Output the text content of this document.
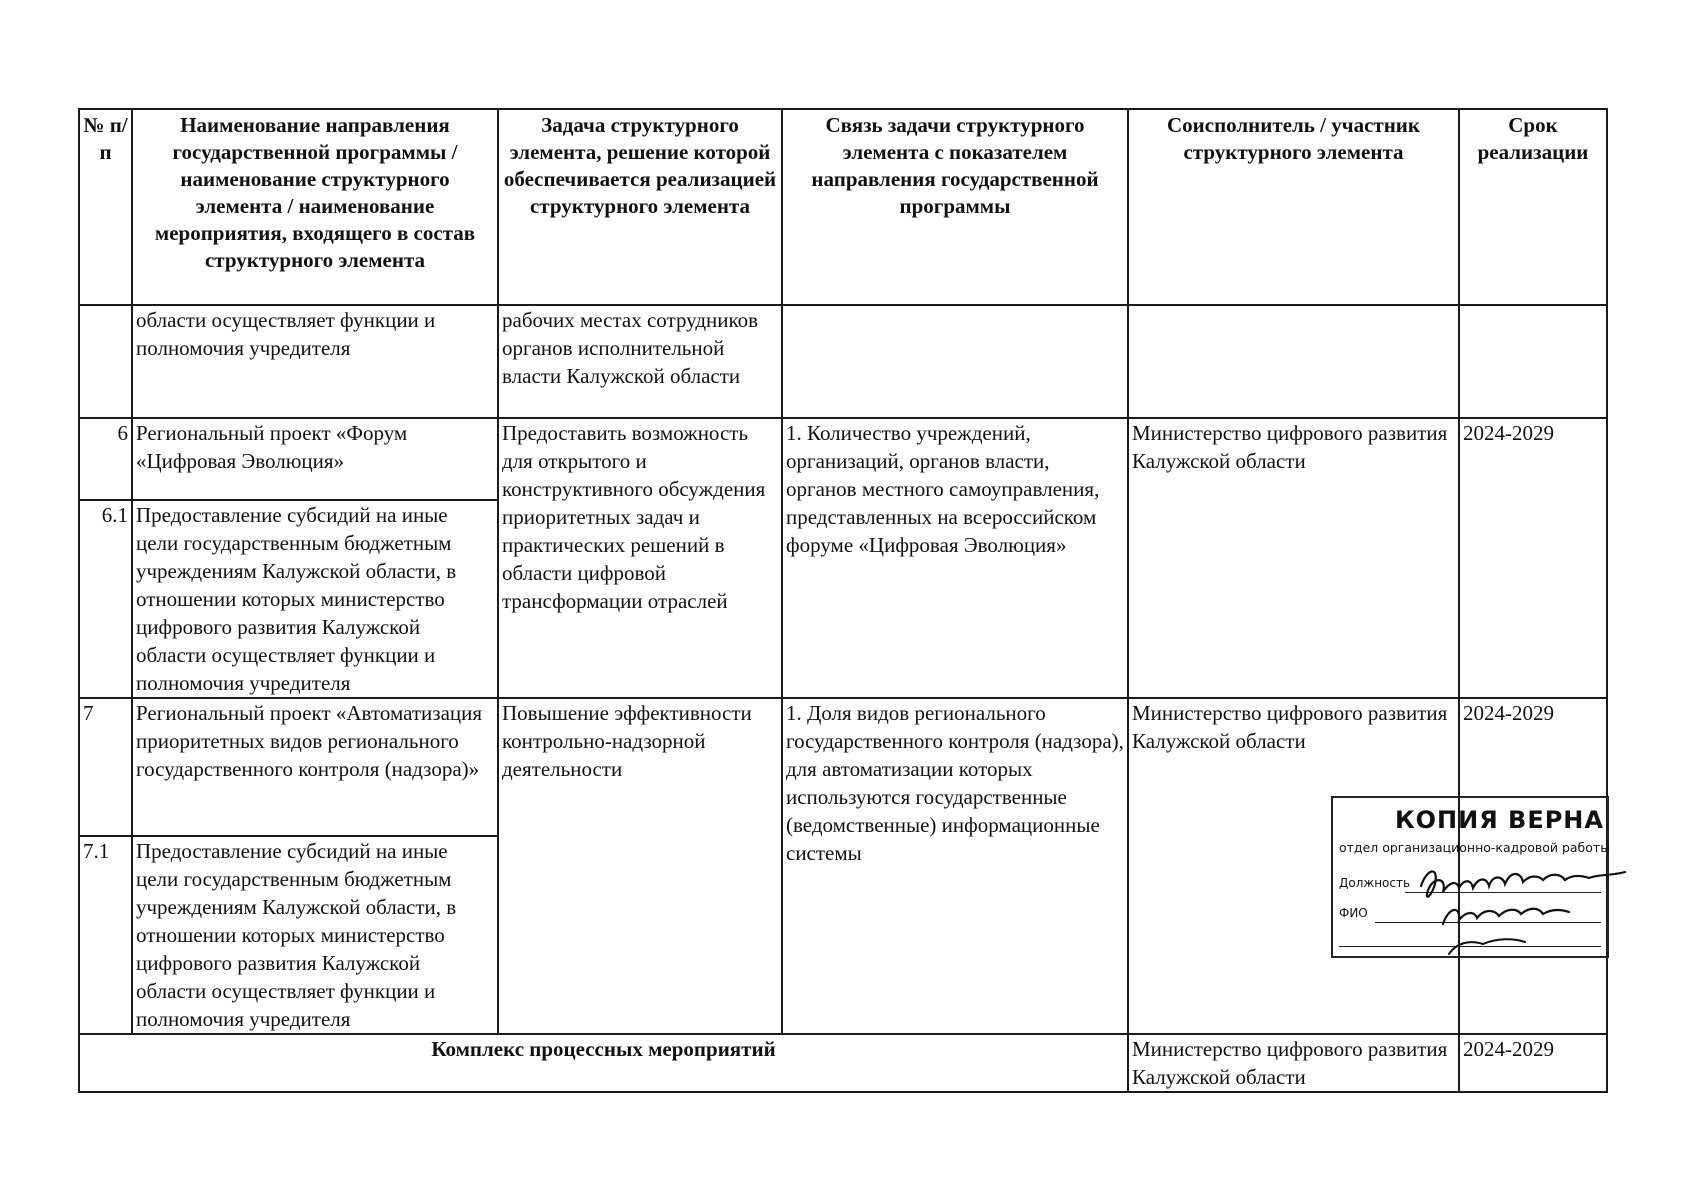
№ п/п	Наименование направления государственной программы / наименование структурного элемента / наименование мероприятия, входящего в состав структурного элемента	Задача структурного элемента, решение которой обеспечивается реализацией структурного элемента	Связь задачи структурного элемента с показателем направления государственной программы	Соисполнитель / участник структурного элемента	Срок реализации
	области осуществляет функции и полномочия учредителя	рабочих местах сотрудников органов исполнительной власти Калужской области			
6	Региональный проект «Форум «Цифровая Эволюция»	Предоставить возможность для открытого и конструктивного обсуждения приоритетных задач и практических решений в области цифровой трансформации отраслей	1. Количество учреждений, организаций, органов власти, органов местного самоуправления, представленных на всероссийском форуме «Цифровая Эволюция»	Министерство цифрового развития Калужской области	2024-2029
6.1	Предоставление субсидий на иные цели государственным бюджетным учреждениям Калужской области, в отношении которых министерство цифрового развития Калужской области осуществляет функции и полномочия учредителя				
7	Региональный проект «Автоматизация приоритетных видов регионального государственного контроля (надзора)»	Повышение эффективности контрольно-надзорной деятельности	1. Доля видов регионального государственного контроля (надзора), для автоматизации которых используются государственные (ведомственные) информационные системы	Министерство цифрового развития Калужской области	2024-2029
7.1	Предоставление субсидий на иные цели государственным бюджетным учреждениям Калужской области, в отношении которых министерство цифрового развития Калужской области осуществляет функции и полномочия учредителя				
Комплекс процессных мероприятий				Министерство цифрового развития Калужской области	2024-2029
КОПИЯ ВЕРНА
отдел организационно-кадровой работы
Должность
ФИО
